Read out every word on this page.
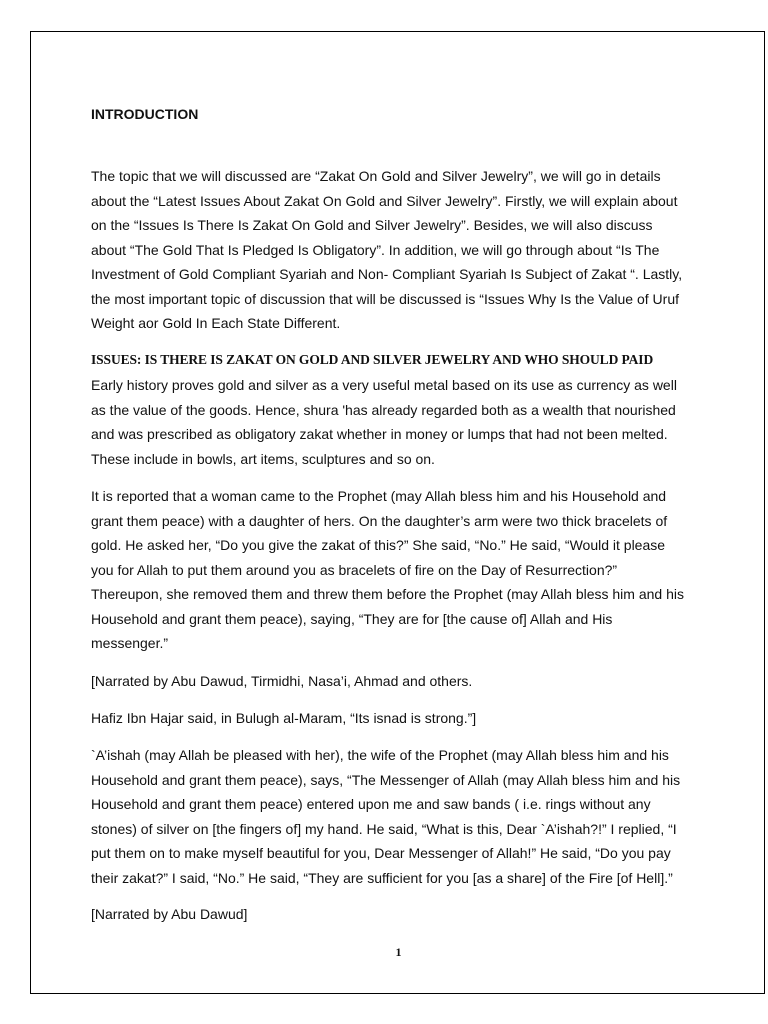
INTRODUCTION
The topic that we will discussed are “Zakat On Gold and Silver Jewelry”, we will go in details
about the “Latest Issues About Zakat On Gold and Silver Jewelry”. Firstly, we will explain about
on the “Issues Is There Is Zakat On Gold and Silver Jewelry”. Besides, we will also discuss
about “The Gold That Is Pledged Is Obligatory”. In addition, we will go through about “Is The
Investment of Gold Compliant Syariah and Non- Compliant Syariah Is Subject of Zakat “. Lastly,
the most important topic of discussion that will be discussed is “Issues Why Is the Value of Uruf
Weight aor Gold In Each State Different.
ISSUES: IS THERE IS ZAKAT ON GOLD AND SILVER JEWELRY AND WHO SHOULD PAID
Early history proves gold and silver as a very useful metal based on its use as currency as well
as the value of the goods. Hence, shura 'has already regarded both as a wealth that nourished
and was prescribed as obligatory zakat whether in money or lumps that had not been melted.
These include in bowls, art items, sculptures and so on.
It is reported that a woman came to the Prophet (may Allah bless him and his Household and
grant them peace) with a daughter of hers. On the daughter’s arm were two thick bracelets of
gold. He asked her, “Do you give the zakat of this?” She said, “No.” He said, “Would it please
you for Allah to put them around you as bracelets of fire on the Day of Resurrection?”
Thereupon, she removed them and threw them before the Prophet (may Allah bless him and his
Household and grant them peace), saying, “They are for [the cause of] Allah and His
messenger.”
[Narrated by Abu Dawud, Tirmidhi, Nasa’i, Ahmad and others.
Hafiz Ibn Hajar said, in Bulugh al-Maram, “Its isnad is strong.”]
`A’ishah (may Allah be pleased with her), the wife of the Prophet (may Allah bless him and his
Household and grant them peace), says, “The Messenger of Allah (may Allah bless him and his
Household and grant them peace) entered upon me and saw bands ( i.e. rings without any
stones) of silver on [the fingers of] my hand. He said, “What is this, Dear `A’ishah?!” I replied, “I
put them on to make myself beautiful for you, Dear Messenger of Allah!” He said, “Do you pay
their zakat?” I said, “No.” He said, “They are sufficient for you [as a share] of the Fire [of Hell].”
[Narrated by Abu Dawud]
1
